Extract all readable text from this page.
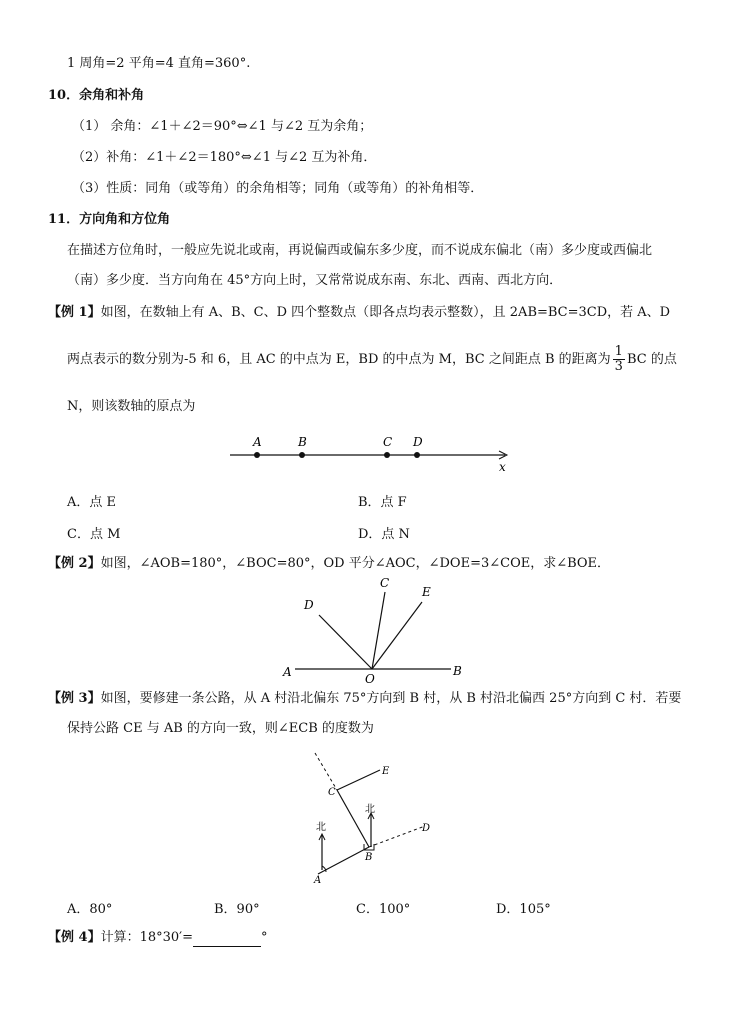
1 周角=2 平角=4 直角=360°.
10．余角和补角
（1） 余角：∠1＋∠2＝90°⇔∠1 与∠2 互为余角；
（2）补角：∠1＋∠2＝180°⇔∠1 与∠2 互为补角．
（3）性质：同角（或等角）的余角相等；同角（或等角）的补角相等．
11．方向角和方位角
在描述方位角时，一般应先说北或南，再说偏西或偏东多少度，而不说成东偏北（南）多少度或西偏北
（南）多少度．当方向角在 45°方向上时，又常常说成东南、东北、西南、西北方向．
【例 1】如图，在数轴上有 A、B、C、D 四个整数点（即各点均表示整数），且 2AB=BC=3CD，若 A、D
两点表示的数分别为-5 和 6，且 AC 的中点为 E，BD 的中点为 M，BC 之间距点 B 的距离为 $\frac{1}{3}$ BC 的点
N，则该数轴的原点为
A	B	C D
x
A．点 E	B．点 F
C．点 M	D．点 N
【例 2】如图，∠AOB=180°，∠BOC=80°，OD 平分∠AOC，∠DOE=3∠COE，求∠BOE．
D
C
E
A	O
B
【例 3】如图，要修建一条公路，从 A 村沿北偏东 75°方向到 B 村，从 B 村沿北偏西 25°方向到 C 村．若要
保持公路 CE 与 AB 的方向一致，则∠ECB 的度数为
E
C
北
北	D
B
A
A．80°	B．90°	C．100°	D．105°
【例 4】计算：18°30′=	°
